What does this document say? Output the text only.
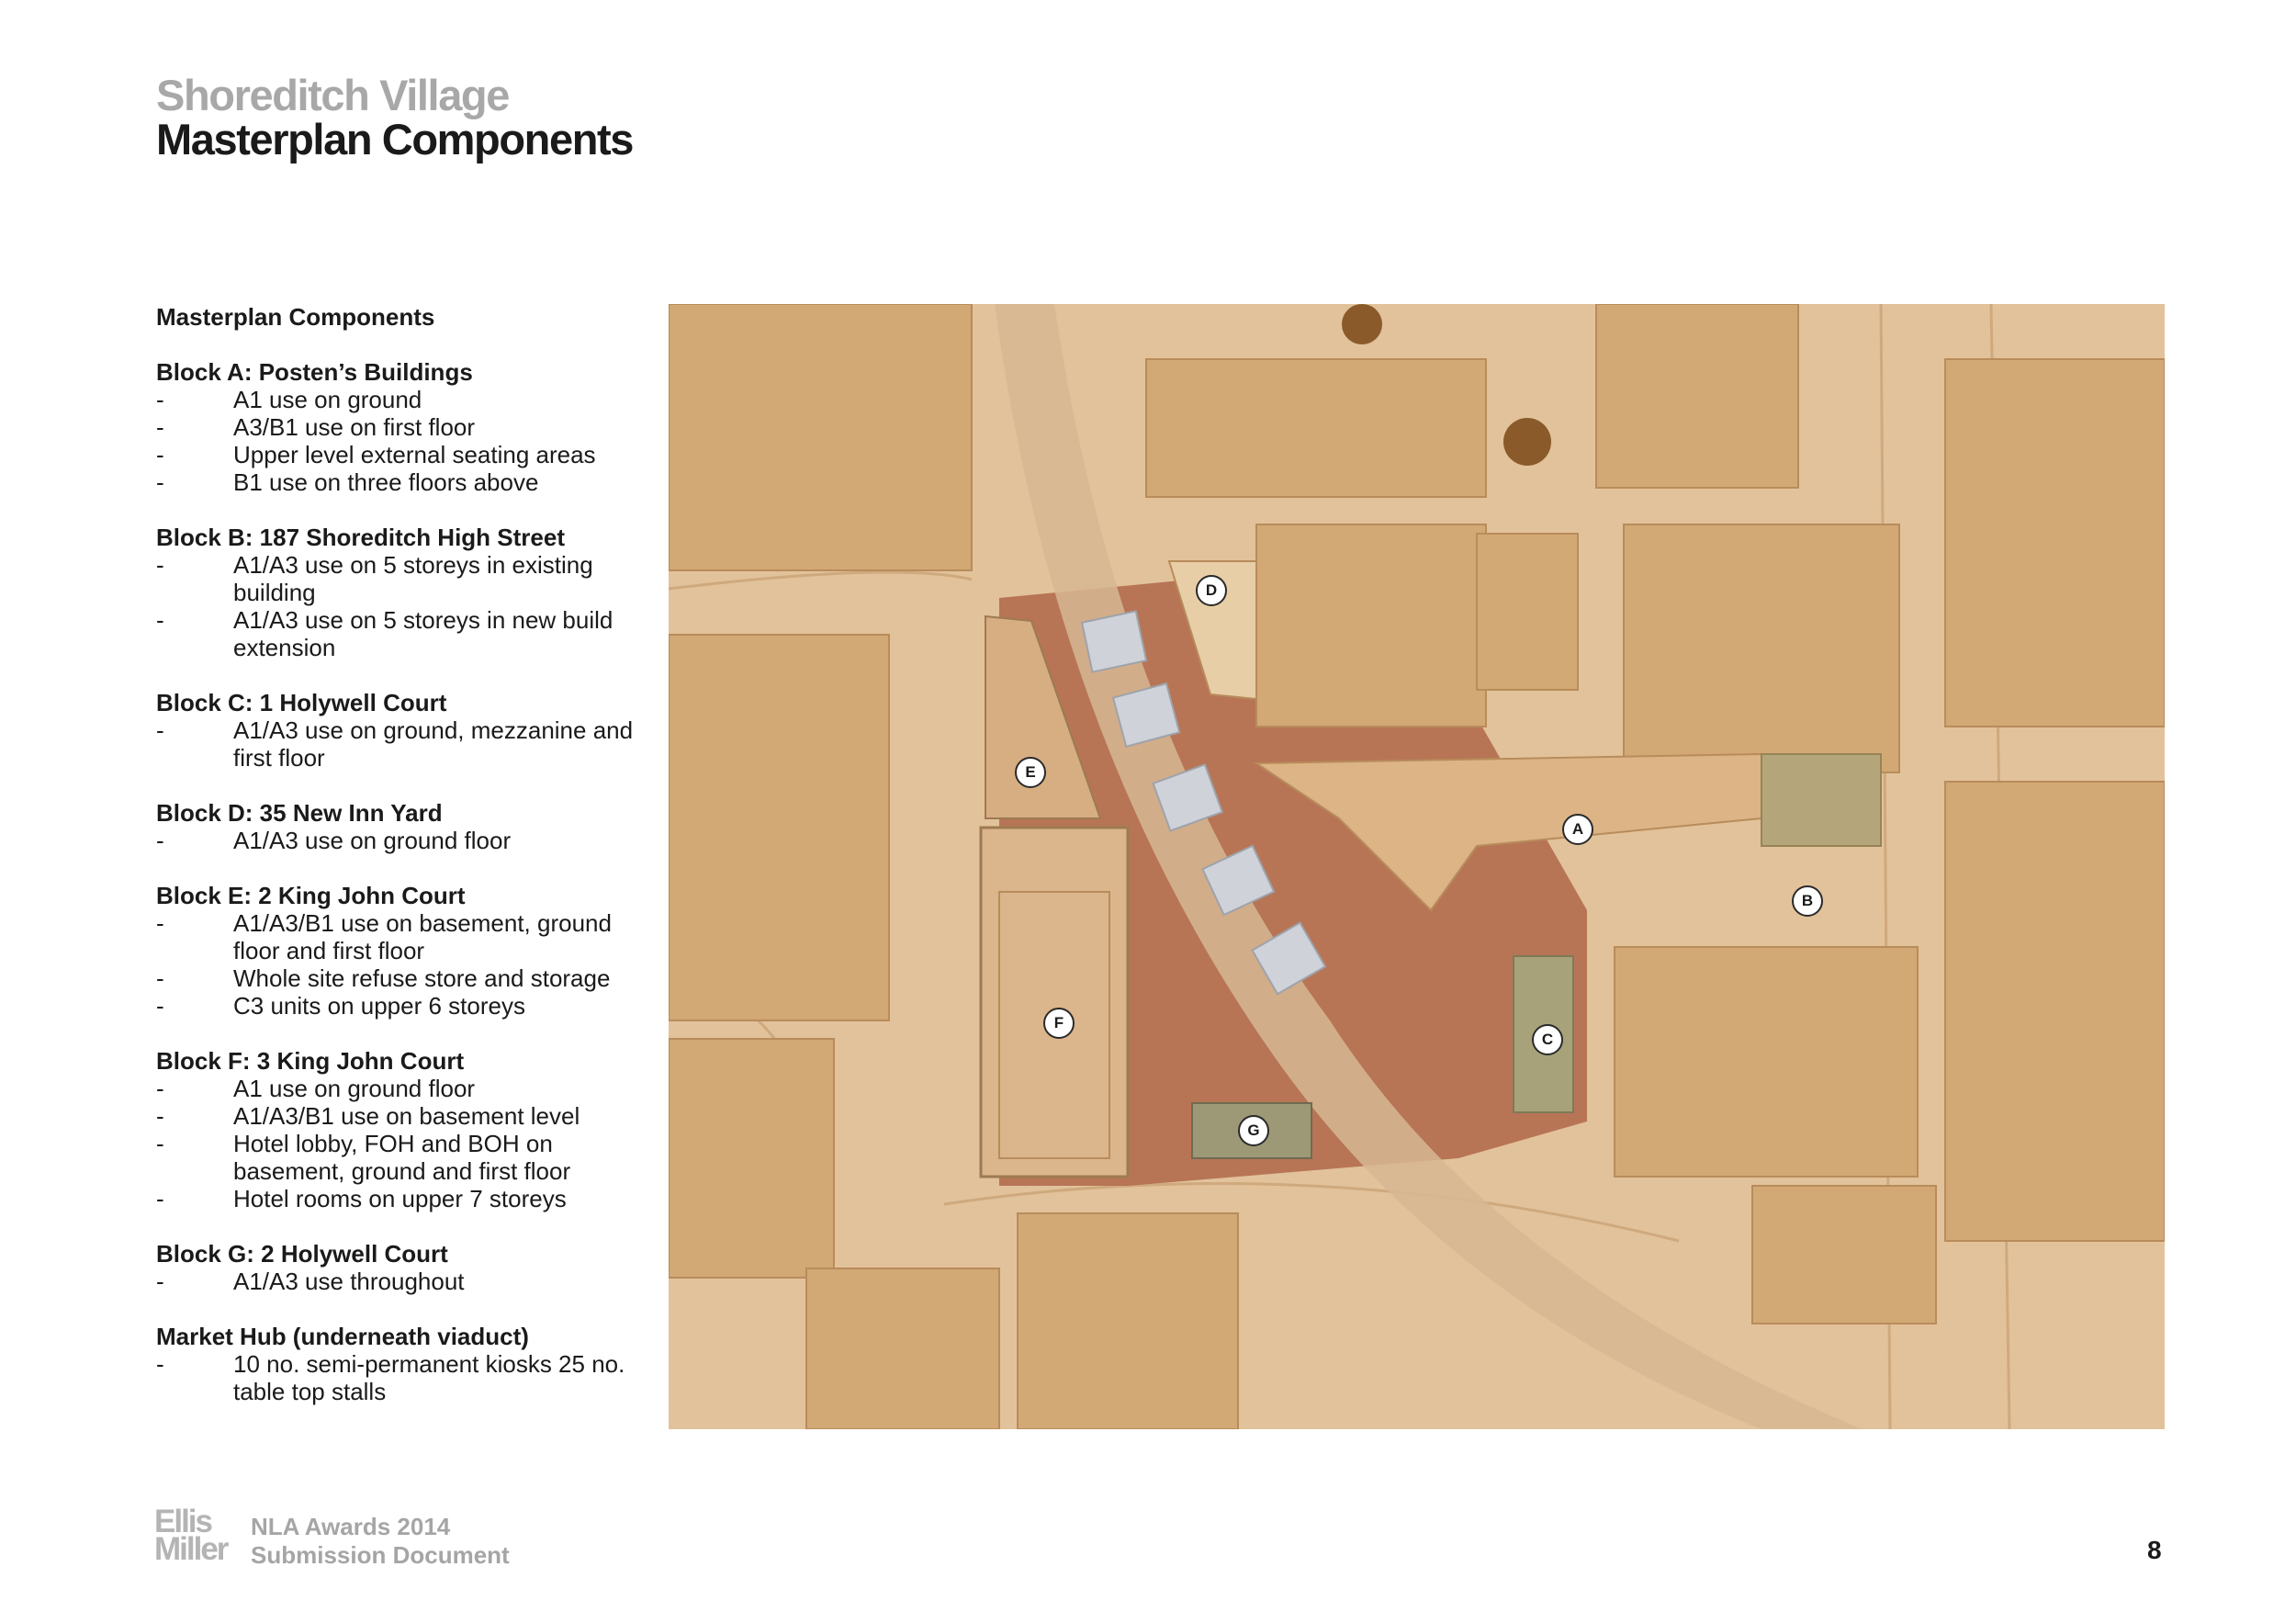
Shoreditch Village
Masterplan Components
Masterplan Components
Block A: Posten’s Buildings
-	A1 use on ground
-	A3/B1 use on first floor
-	Upper level external seating areas
-	B1 use on three floors above
Block B: 187 Shoreditch High Street
-	A1/A3 use on 5 storeys in existing building
-	A1/A3 use on 5 storeys in new build extension
Block C: 1 Holywell Court
-	A1/A3 use on ground, mezzanine and first floor
Block D: 35 New Inn Yard
-	A1/A3 use on ground floor
Block E: 2 King John Court
-	A1/A3/B1 use on basement, ground floor and first floor
-	Whole site refuse store and storage
-	C3 units on upper 6 storeys
Block F: 3 King John Court
-	A1 use on ground floor
-	A1/A3/B1 use on basement level
-	Hotel lobby, FOH and BOH on basement, ground and first floor
-	Hotel rooms on upper 7 storeys
Block G: 2 Holywell Court
-	A1/A3 use throughout
Market Hub (underneath viaduct)
-	10 no. semi-permanent kiosks 25 no. table top stalls
A
B
C
D
E
F
G
Ellis
Miller
NLA Awards 2014
Submission Document	8
